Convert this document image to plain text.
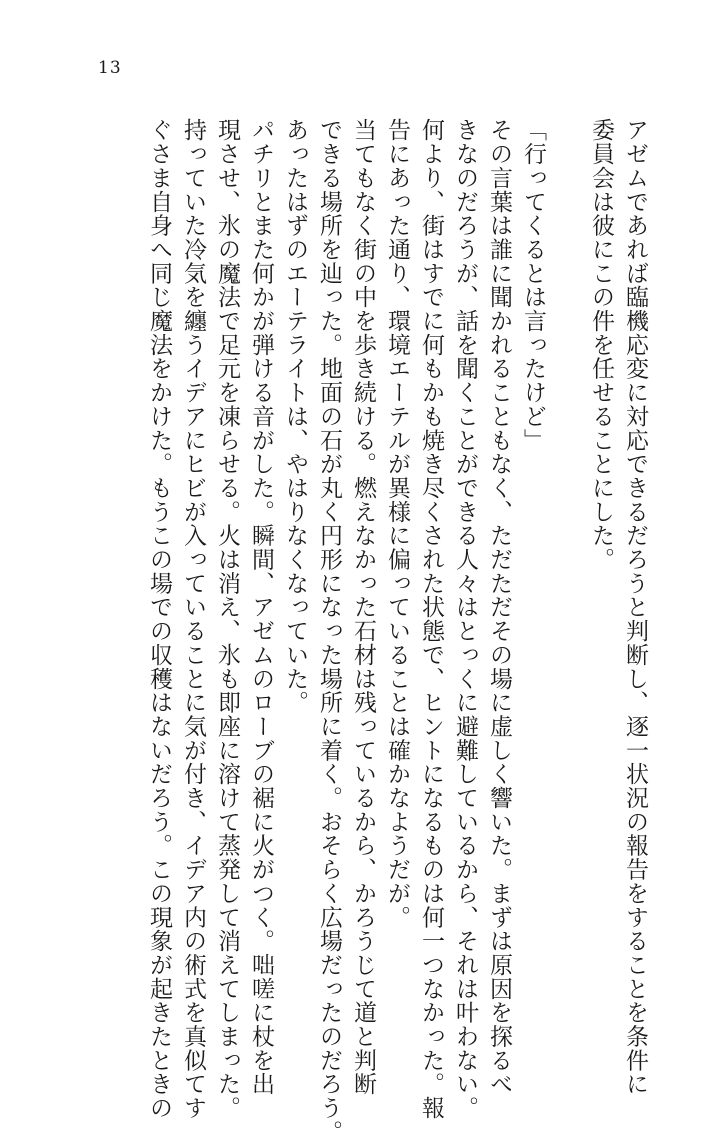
13
アゼムであれば臨機応変に対応できるだろうと判断し、逐一状況の報告をすることを条件に
委員会は彼にこの件を任せることにした。
「行ってくるとは言ったけど」
その言葉は誰に聞かれることもなく、ただただその場に虚しく響いた。まずは原因を探るべ
きなのだろうが、話を聞くことができる人々はとっくに避難しているから、それは叶わない。
何より、街はすでに何もかも焼き尽くされた状態で、ヒントになるものは何一つなかった。報
告にあった通り、環境エーテルが異様に偏っていることは確かなようだが。
当てもなく街の中を歩き続ける。燃えなかった石材は残っているから、かろうじて道と判断
できる場所を辿った。地面の石が丸く円形になった場所に着く。おそらく広場だったのだろう。
あったはずのエーテライトは、やはりなくなっていた。
パチリとまた何かが弾ける音がした。瞬間、アゼムのローブの裾に火がつく。咄嗟に杖を出
現させ、氷の魔法で足元を凍らせる。火は消え、氷も即座に溶けて蒸発して消えてしまった。
持っていた冷気を纏うイデアにヒビが入っていることに気が付き、イデア内の術式を真似てす
ぐさま自身へ同じ魔法をかけた。もうこの場での収穫はないだろう。この現象が起きたときの
